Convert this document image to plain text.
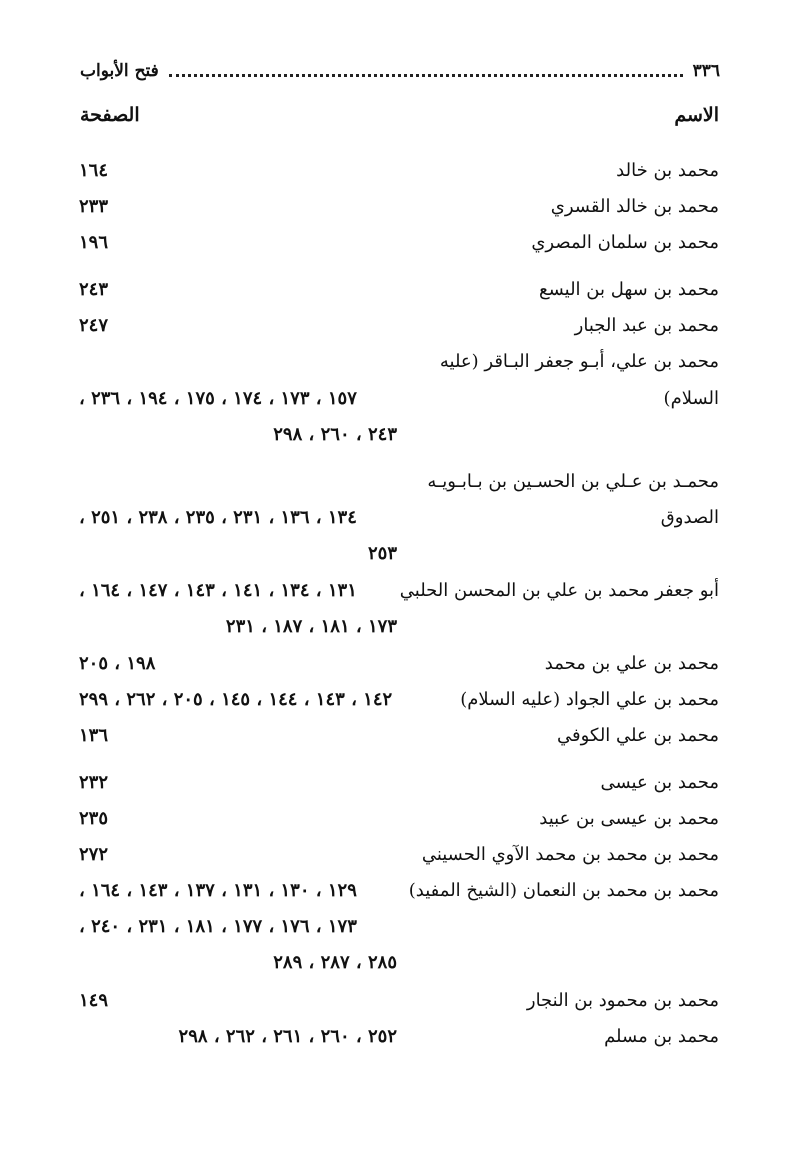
٣٣٦
فتح الأبواب
الاسم
الصفحة
محمد بن خالد
١٦٤
محمد بن خالد القسري
٢٣٣
محمد بن سلمان المصري
١٩٦
محمد بن سهل بن اليسع
٢٤٣
محمد بن عبد الجبار
٢٤٧
محمد بن علي، أبـو جعفر البـاقر (عليه
السلام)
١٥٧ ، ١٧٣ ، ١٧٤ ، ١٧٥ ، ١٩٤ ، ٢٣٦ ،
٢٤٣ ، ٢٦٠ ، ٢٩٨
محمـد بن عـلي بن الحسـين بن بـابـويـه
الصدوق
١٣٤ ، ١٣٦ ، ٢٣١ ، ٢٣٥ ، ٢٣٨ ، ٢٥١ ،
٢٥٣
أبو جعفر محمد بن علي بن المحسن الحلبي
١٣١ ، ١٣٤ ، ١٤١ ، ١٤٣ ، ١٤٧ ، ١٦٤ ،
١٧٣ ، ١٨١ ، ١٨٧ ، ٢٣١
محمد بن علي بن محمد
١٩٨ ، ٢٠٥
محمد بن علي الجواد (عليه السلام)
١٤٢ ، ١٤٣ ، ١٤٤ ، ١٤٥ ، ٢٠٥ ، ٢٦٢ ، ٢٩٩
محمد بن علي الكوفي
١٣٦
محمد بن عيسى
٢٣٢
محمد بن عيسى بن عبيد
٢٣٥
محمد بن محمد بن محمد الآوي الحسيني
٢٧٢
محمد بن محمد بن النعمان (الشيخ المفيد)
١٢٩ ، ١٣٠ ، ١٣١ ، ١٣٧ ، ١٤٣ ، ١٦٤ ،
١٧٣ ، ١٧٦ ، ١٧٧ ، ١٨١ ، ٢٣١ ، ٢٤٠ ،
٢٨٥ ، ٢٨٧ ، ٢٨٩
محمد بن محمود بن النجار
١٤٩
محمد بن مسلم
٢٥٢ ، ٢٦٠ ، ٢٦١ ، ٢٦٢ ، ٢٩٨
